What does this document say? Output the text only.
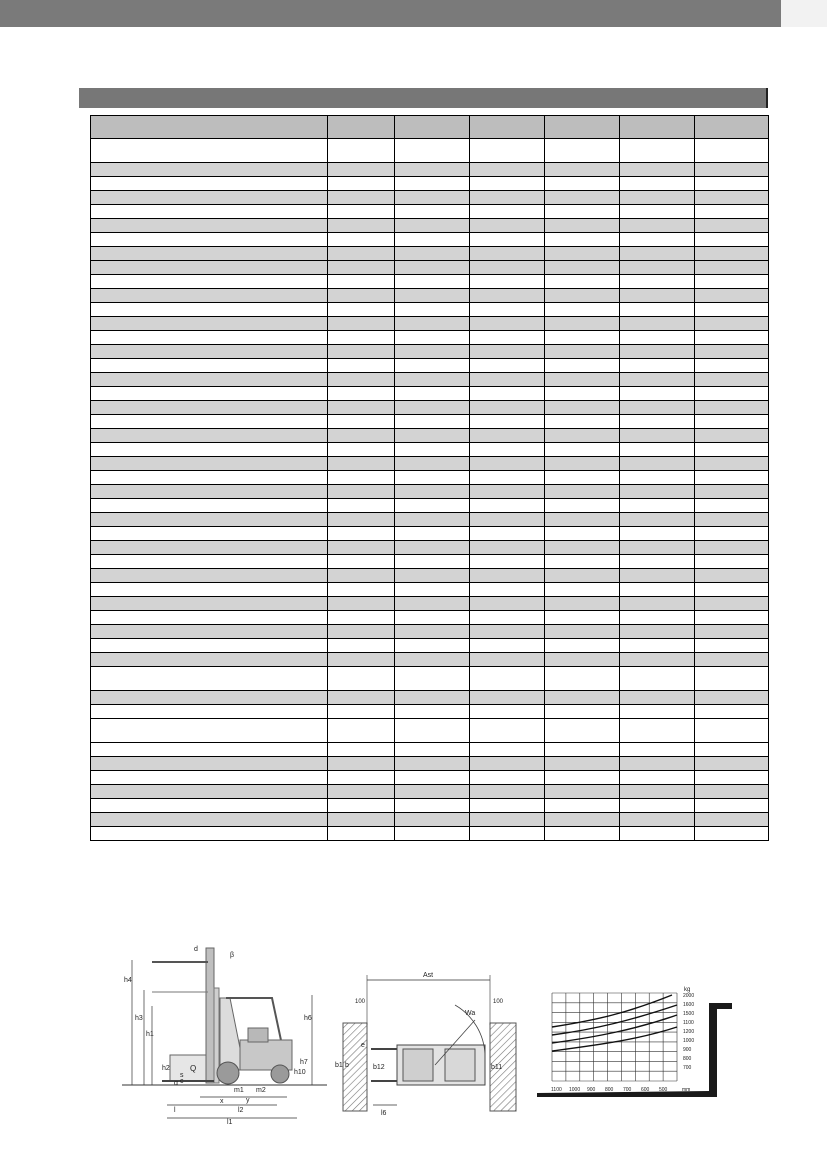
d
β
h4
h3
h1
h6
h7
h2
h10
Q
m1 m2
s
x	y
l	l2
l1
α c
Ast
100	100
Wa
e
b1 b	b12	b11
l6
2000
1600
1500
1100
1200
1000
900
800
700
1100 1000 900 800 700 600 500
kg
mm
